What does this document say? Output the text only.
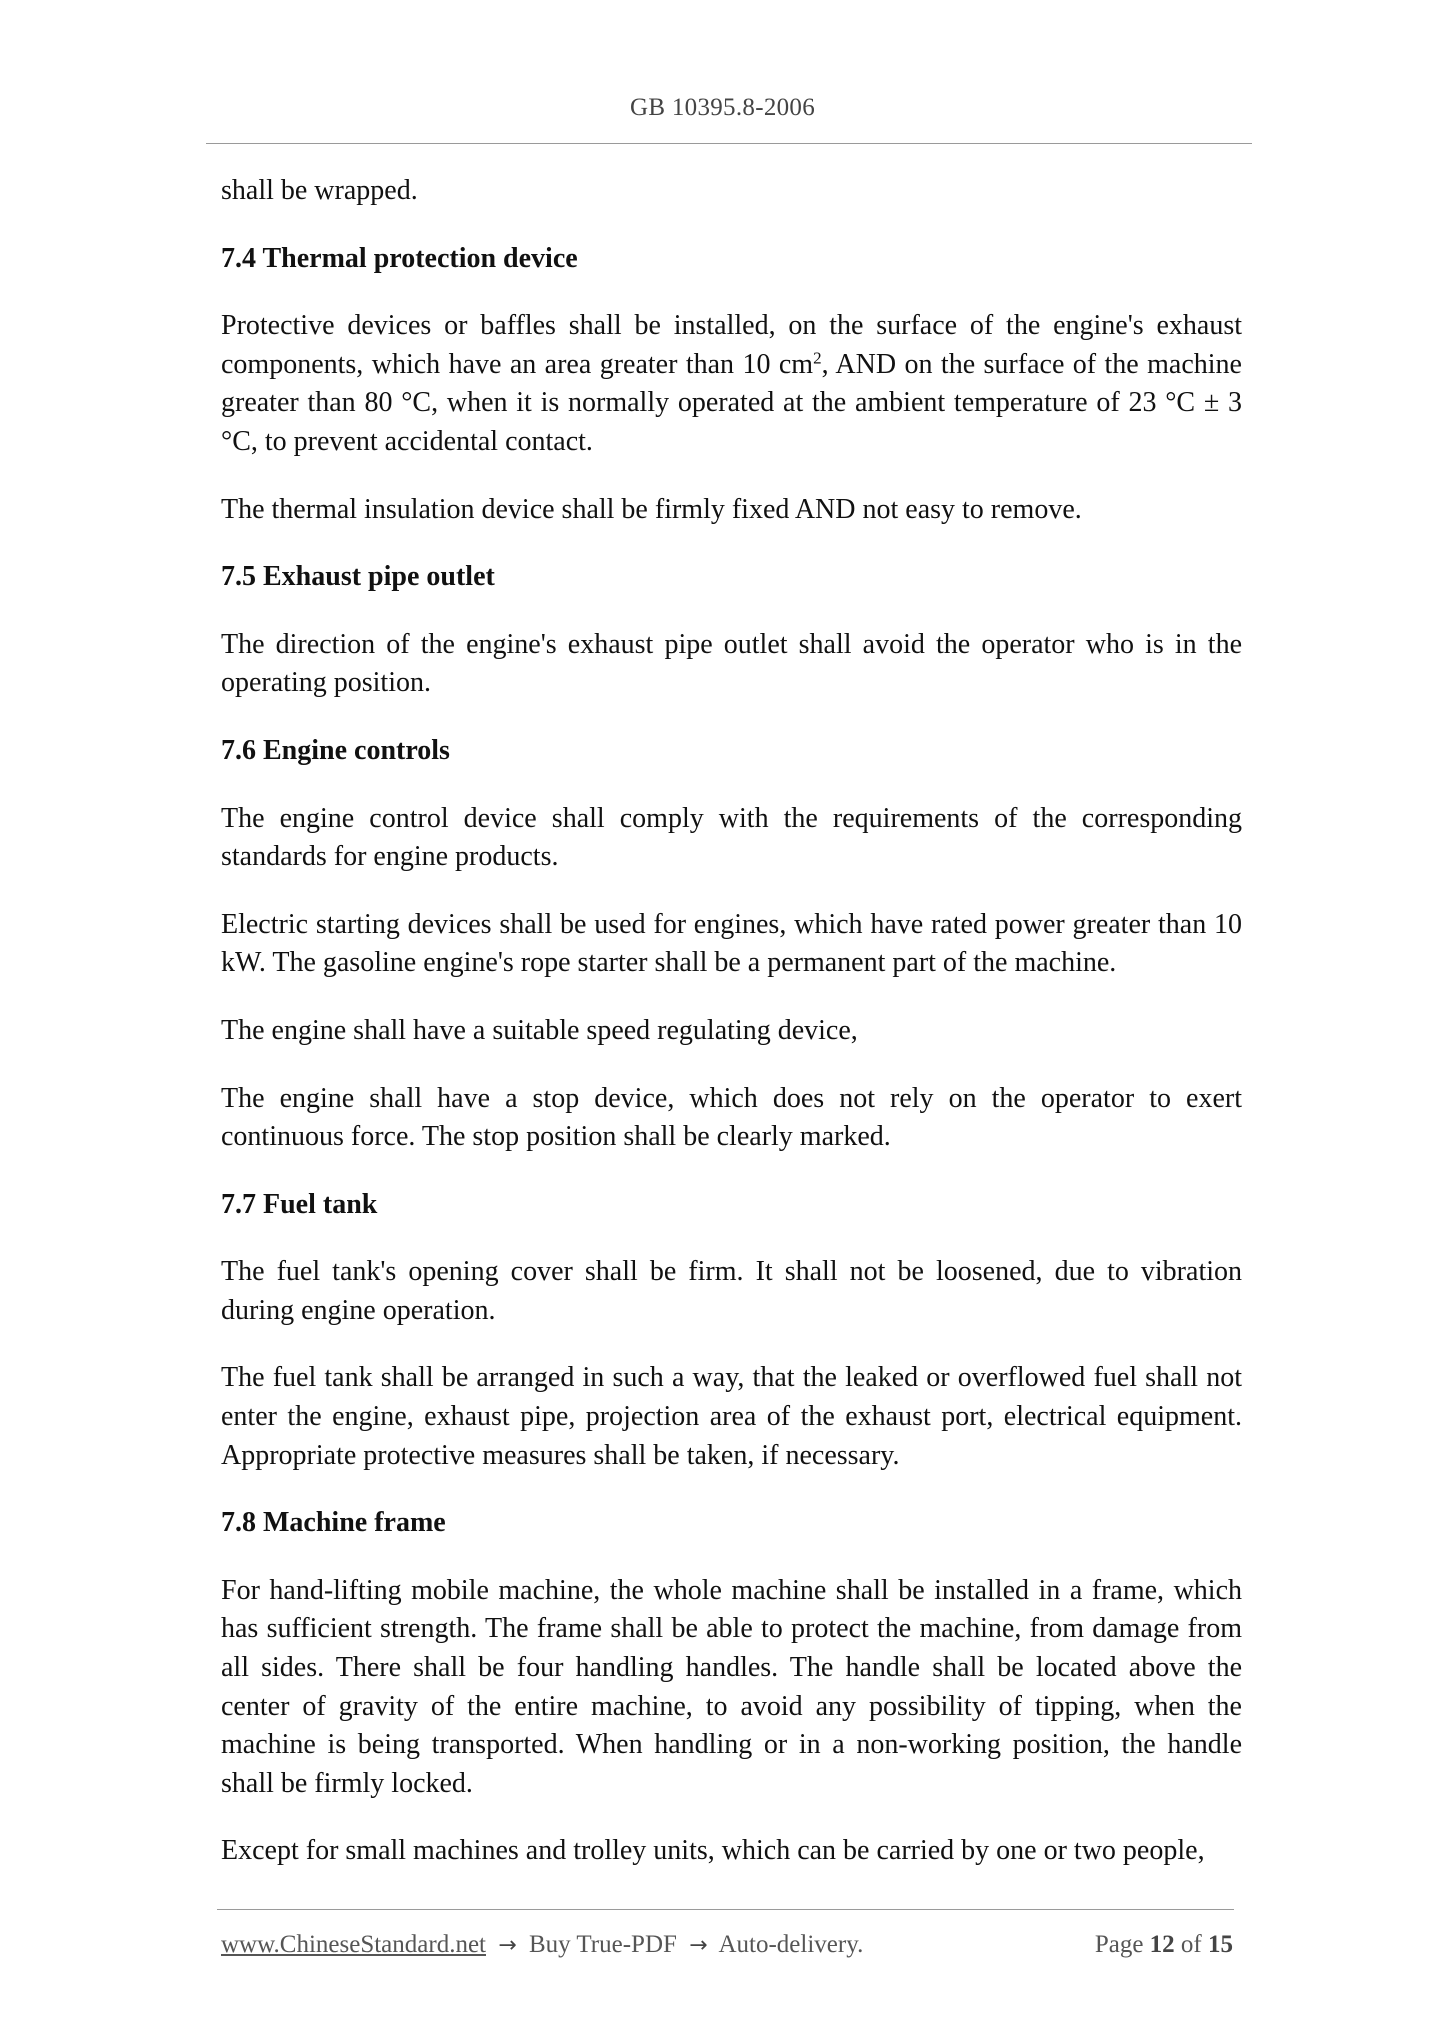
GB 10395.8-2006

shall be wrapped.

7.4 Thermal protection device

Protective devices or baffles shall be installed, on the surface of the engine's exhaust components, which have an area greater than 10 $cm^2$, AND on the surface of the machine greater than 80 °C, when it is normally operated at the ambient temperature of 23 °C ± 3 °C, to prevent accidental contact.

The thermal insulation device shall be firmly fixed AND not easy to remove.

7.5 Exhaust pipe outlet

The direction of the engine's exhaust pipe outlet shall avoid the operator who is in the operating position.

7.6 Engine controls

The engine control device shall comply with the requirements of the corresponding standards for engine products.

Electric starting devices shall be used for engines, which have rated power greater than 10 kW. The gasoline engine's rope starter shall be a permanent part of the machine.

The engine shall have a suitable speed regulating device,

The engine shall have a stop device, which does not rely on the operator to exert continuous force. The stop position shall be clearly marked.

7.7 Fuel tank

The fuel tank's opening cover shall be firm. It shall not be loosened, due to vibration during engine operation.

The fuel tank shall be arranged in such a way, that the leaked or overflowed fuel shall not enter the engine, exhaust pipe, projection area of the exhaust port, electrical equipment. Appropriate protective measures shall be taken, if necessary.

7.8 Machine frame

For hand-lifting mobile machine, the whole machine shall be installed in a frame, which has sufficient strength. The frame shall be able to protect the machine, from damage from all sides. There shall be four handling handles. The handle shall be located above the center of gravity of the entire machine, to avoid any possibility of tipping, when the machine is being transported. When handling or in a non-working position, the handle shall be firmly locked.

Except for small machines and trolley units, which can be carried by one or two people,

www.ChineseStandard.net → Buy True-PDF → Auto-delivery.	Page 12 of 15
